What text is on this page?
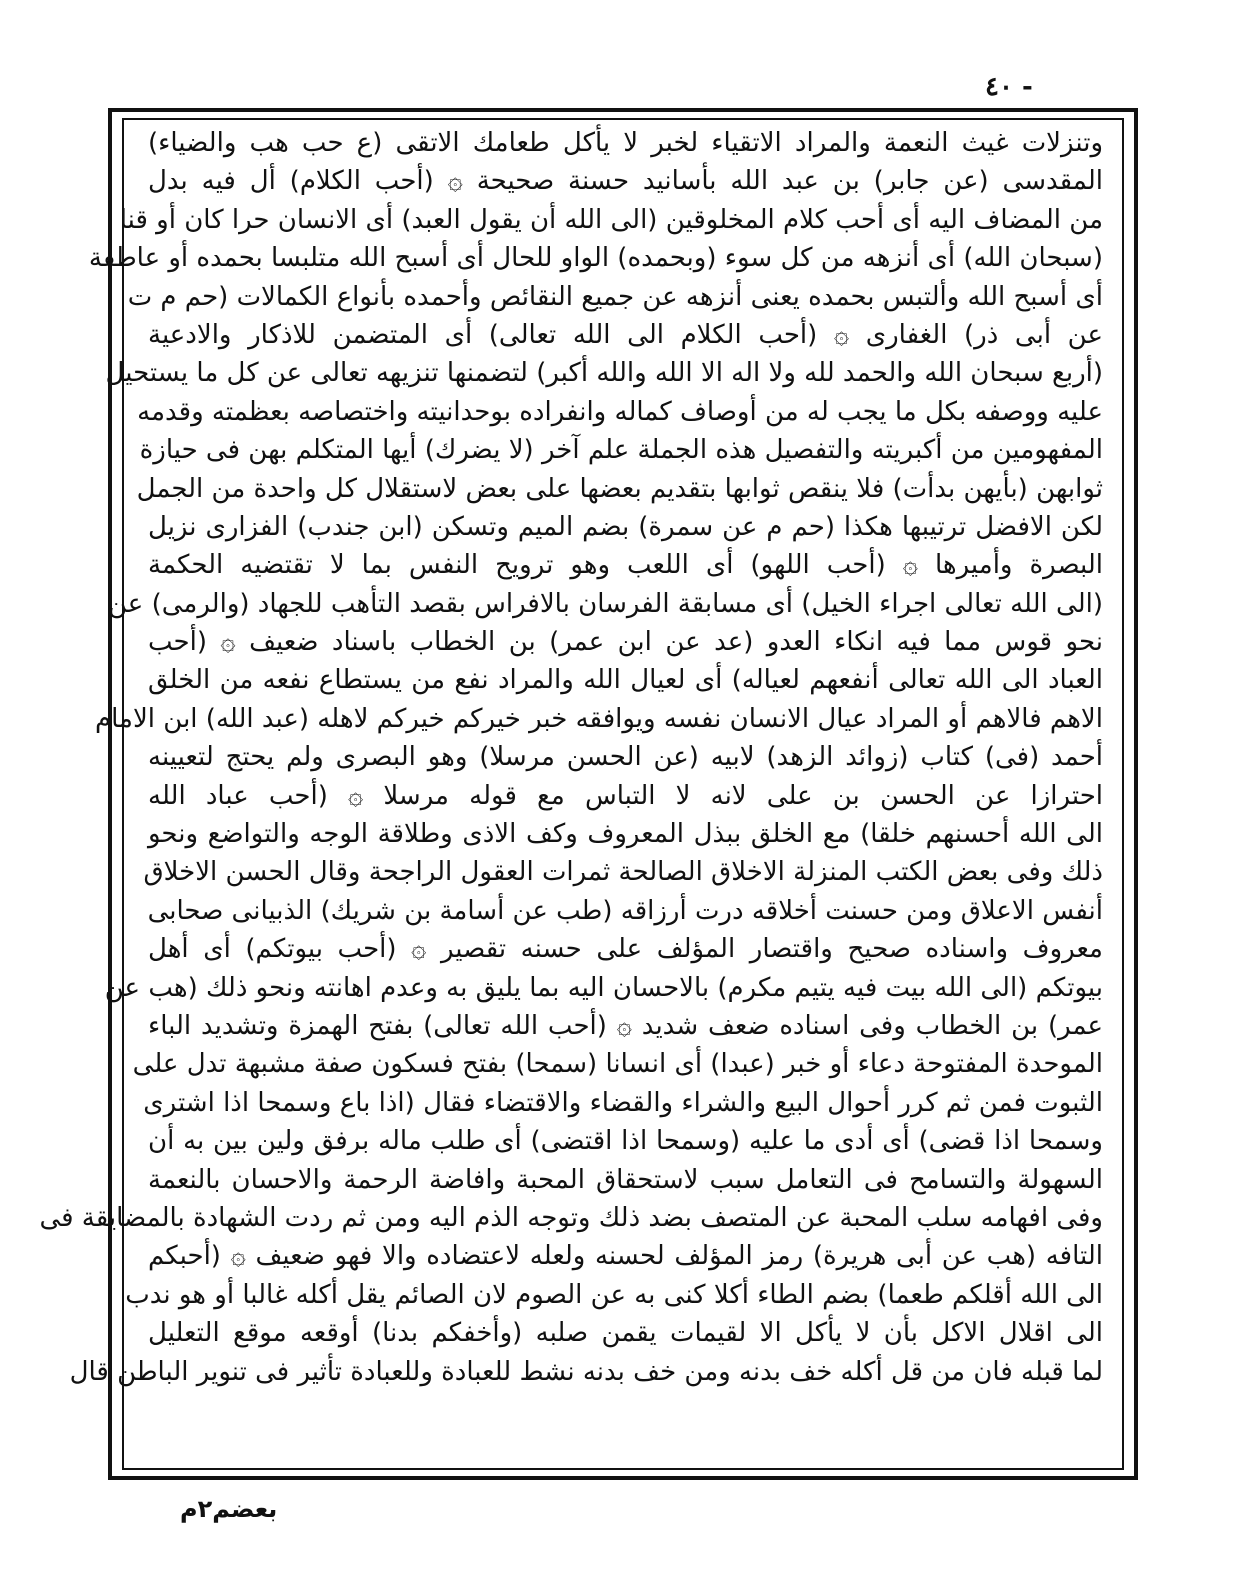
٤٠ -
وتنزلات غيث النعمة والمراد الاتقياء لخبر لا يأكل طعامك الاتقى (ع حب هب والضياء)
المقدسى (عن جابر) بن عبد الله بأسانيد حسنة صحيحة ۞ (أحب الكلام) أل فيه بدل
من المضاف اليه أى أحب كلام المخلوقين (الى الله أن يقول العبد) أى الانسان حرا كان أو قنا
(سبحان الله) أى أنزهه من كل سوء (وبحمده) الواو للحال أى أسبح الله متلبسا بحمده أو عاطفة
أى أسبح الله وألتبس بحمده يعنى أنزهه عن جميع النقائص وأحمده بأنواع الكمالات (حم م ت
عن أبى ذر) الغفارى ۞ (أحب الكلام الى الله تعالى) أى المتضمن للاذكار والادعية
(أربع سبحان الله والحمد لله ولا اله الا الله والله أكبر) لتضمنها تنزيهه تعالى عن كل ما يستحيل
عليه ووصفه بكل ما يجب له من أوصاف كماله وانفراده بوحدانيته واختصاصه بعظمته وقدمه
المفهومين من أكبريته والتفصيل هذه الجملة علم آخر (لا يضرك) أيها المتكلم بهن فى حيازة
ثوابهن (بأيهن بدأت) فلا ينقص ثوابها بتقديم بعضها على بعض لاستقلال كل واحدة من الجمل
لكن الافضل ترتيبها هكذا (حم م عن سمرة) بضم الميم وتسكن (ابن جندب) الفزارى نزيل
البصرة وأميرها ۞ (أحب اللهو) أى اللعب وهو ترويح النفس بما لا تقتضيه الحكمة
(الى الله تعالى اجراء الخيل) أى مسابقة الفرسان بالافراس بقصد التأهب للجهاد (والرمى) عن
نحو قوس مما فيه انكاء العدو (عد عن ابن عمر) بن الخطاب باسناد ضعيف ۞ (أحب
العباد الى الله تعالى أنفعهم لعياله) أى لعيال الله والمراد نفع من يستطاع نفعه من الخلق
الاهم فالاهم أو المراد عيال الانسان نفسه ويوافقه خبر خيركم خيركم لاهله (عبد الله) ابن الامام
أحمد (فى) كتاب (زوائد الزهد) لابيه (عن الحسن مرسلا) وهو البصرى ولم يحتج لتعيينه
احترازا عن الحسن بن على لانه لا التباس مع قوله مرسلا ۞ (أحب عباد الله
الى الله أحسنهم خلقا) مع الخلق ببذل المعروف وكف الاذى وطلاقة الوجه والتواضع ونحو
ذلك وفى بعض الكتب المنزلة الاخلاق الصالحة ثمرات العقول الراجحة وقال الحسن الاخلاق
أنفس الاعلاق ومن حسنت أخلاقه درت أرزاقه (طب عن أسامة بن شريك) الذبيانى صحابى
معروف واسناده صحيح واقتصار المؤلف على حسنه تقصير ۞ (أحب بيوتكم) أى أهل
بيوتكم (الى الله بيت فيه يتيم مكرم) بالاحسان اليه بما يليق به وعدم اهانته ونحو ذلك (هب عن
عمر) بن الخطاب وفى اسناده ضعف شديد ۞ (أحب الله تعالى) بفتح الهمزة وتشديد الباء
الموحدة المفتوحة دعاء أو خبر (عبدا) أى انسانا (سمحا) بفتح فسكون صفة مشبهة تدل على
الثبوت فمن ثم كرر أحوال البيع والشراء والقضاء والاقتضاء فقال (اذا باع وسمحا اذا اشترى
وسمحا اذا قضى) أى أدى ما عليه (وسمحا اذا اقتضى) أى طلب ماله برفق ولين بين به أن
السهولة والتسامح فى التعامل سبب لاستحقاق المحبة وافاضة الرحمة والاحسان بالنعمة
وفى افهامه سلب المحبة عن المتصف بضد ذلك وتوجه الذم اليه ومن ثم ردت الشهادة بالمضايقة فى
التافه (هب عن أبى هريرة) رمز المؤلف لحسنه ولعله لاعتضاده والا فهو ضعيف ۞ (أحبكم
الى الله أقلكم طعما) بضم الطاء أكلا كنى به عن الصوم لان الصائم يقل أكله غالبا أو هو ندب
الى اقلال الاكل بأن لا يأكل الا لقيمات يقمن صلبه (وأخفكم بدنا) أوقعه موقع التعليل
لما قبله فان من قل أكله خف بدنه ومن خف بدنه نشط للعبادة وللعبادة تأثير فى تنوير الباطن قال
بعضم٢م
